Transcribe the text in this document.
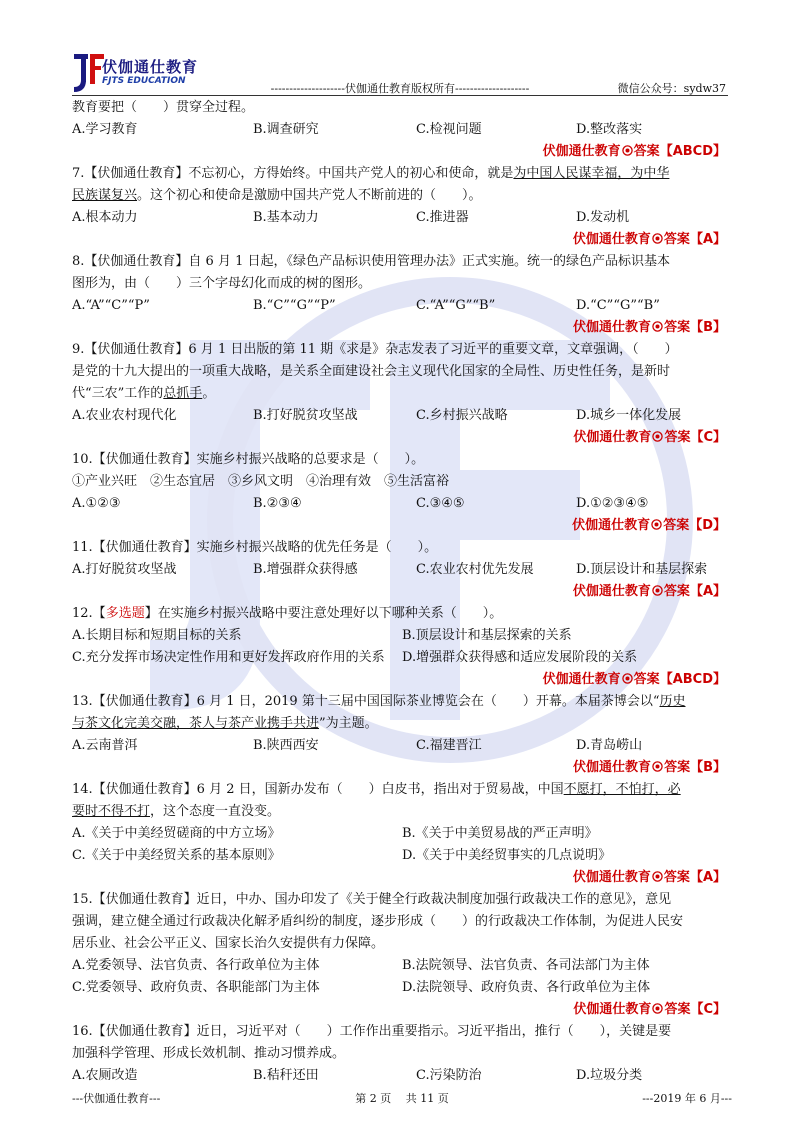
伏伽通仕教育
FJTS EDUCATION
--------------------伏伽通仕教育版权所有--------------------	微信公众号：sydw37
教育要把（　　）贯穿全过程。
A.学习教育	B.调查研究	C.检视问题	D.整改落实
伏伽通仕教育 答案【ABCD】
7.【伏伽通仕教育】不忘初心，方得始终。中国共产党人的初心和使命，就是为中国人民谋幸福，为中华
民族谋复兴。这个初心和使命是激励中国共产党人不断前进的（　　）。
A.根本动力	B.基本动力	C.推进器	D.发动机
伏伽通仕教育 答案【A】
8.【伏伽通仕教育】自 6 月 1 日起，《绿色产品标识使用管理办法》正式实施。统一的绿色产品标识基本
图形为，由（　　）三个字母幻化而成的树的图形。
A.“A”“C”“P”	B.“C”“G”“P”	C.“A”“G”“B”	D.“C”“G”“B”
伏伽通仕教育 答案【B】
9.【伏伽通仕教育】6 月 1 日出版的第 11 期《求是》杂志发表了习近平的重要文章，文章强调，（　　）
是党的十九大提出的一项重大战略，是关系全面建设社会主义现代化国家的全局性、历史性任务，是新时
代“三农”工作的总抓手。
A.农业农村现代化	B.打好脱贫攻坚战	C.乡村振兴战略	D.城乡一体化发展
伏伽通仕教育 答案【C】
10.【伏伽通仕教育】实施乡村振兴战略的总要求是（　　）。
①产业兴旺　②生态宜居　③乡风文明　④治理有效　⑤生活富裕
A.①②③	B.②③④	C.③④⑤	D.①②③④⑤
伏伽通仕教育 答案【D】
11.【伏伽通仕教育】实施乡村振兴战略的优先任务是（　　）。
A.打好脱贫攻坚战	B.增强群众获得感	C.农业农村优先发展	D.顶层设计和基层探索
伏伽通仕教育 答案【A】
12.【多选题】在实施乡村振兴战略中要注意处理好以下哪种关系（　　）。
A.长期目标和短期目标的关系	B.顶层设计和基层探索的关系
C.充分发挥市场决定性作用和更好发挥政府作用的关系	D.增强群众获得感和适应发展阶段的关系
伏伽通仕教育 答案【ABCD】
13.【伏伽通仕教育】6 月 1 日，2019 第十三届中国国际茶业博览会在（　　）开幕。本届茶博会以“历史
与茶文化完美交融，茶人与茶产业携手共进”为主题。
A.云南普洱	B.陕西西安	C.福建晋江	D.青岛崂山
伏伽通仕教育 答案【B】
14.【伏伽通仕教育】6 月 2 日，国新办发布（　　）白皮书，指出对于贸易战，中国不愿打，不怕打，必
要时不得不打，这个态度一直没变。
A.《关于中美经贸磋商的中方立场》	B.《关于中美贸易战的严正声明》
C.《关于中美经贸关系的基本原则》	D.《关于中美经贸事实的几点说明》
伏伽通仕教育 答案【A】
15.【伏伽通仕教育】近日，中办、国办印发了《关于健全行政裁决制度加强行政裁决工作的意见》，意见
强调，建立健全通过行政裁决化解矛盾纠纷的制度，逐步形成（　　）的行政裁决工作体制，为促进人民安
居乐业、社会公平正义、国家长治久安提供有力保障。
A.党委领导、法官负责、各行政单位为主体	B.法院领导、法官负责、各司法部门为主体
C.党委领导、政府负责、各职能部门为主体	D.法院领导、政府负责、各行政单位为主体
伏伽通仕教育 答案【C】
16.【伏伽通仕教育】近日，习近平对（　　）工作作出重要指示。习近平指出，推行（　　），关键是要
加强科学管理、形成长效机制、推动习惯养成。
A.农厕改造	B.秸秆还田	C.污染防治	D.垃圾分类
---伏伽通仕教育---	第 2 页　 共 11 页	---2019 年 6 月---
